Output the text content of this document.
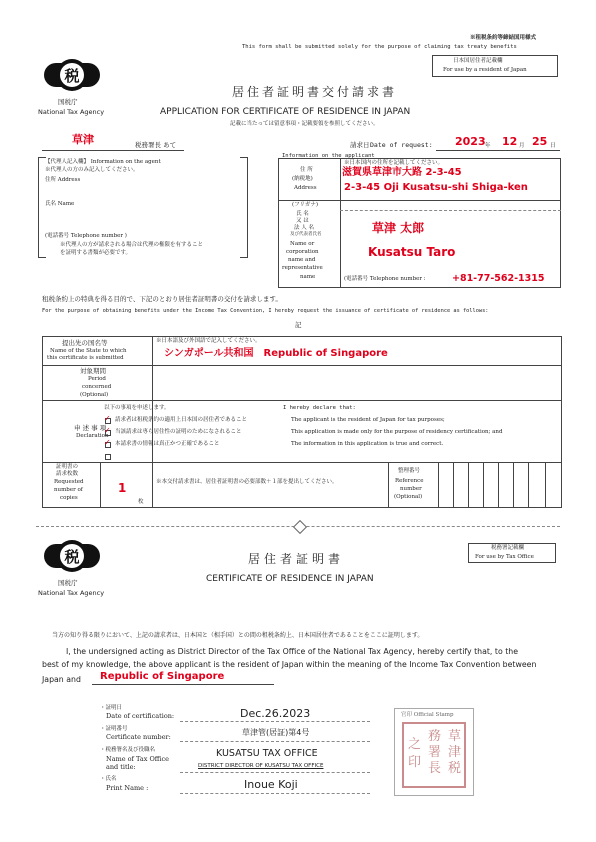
※租税条約等締結国用様式
This form shall be submitted solely for the purpose of claiming tax treaty benefits
日本国居住者記載欄
For use by a resident of Japan
税
国税庁
National Tax Agency
居住者証明書交付請求書
APPLICATION FOR CERTIFICATE OF RESIDENCE IN JAPAN
記載に当たっては留意事項・記載要領を参照してください。
草津	税務署長 あて	請求日 Date of request: 2023 年 12 月 25 日
Information on the applicant
【代理人記入欄】 Information on the agent
※代理人の方のみ記入してください。
住所 Address
氏名 Name
(電話番号 Telephone number )
※代理人の方が請求される場合は代理の権限を有すること
を証明する書類が必要です。
※日本国内の住所を記載してください。
住 所
(納税地)
Address
滋賀県草津市大路 2-3-45
2-3-45 Oji Kusatsu-shi Shiga-ken
(フリガナ)
氏 名
又 は
法 人 名
及び代表者氏名
Name or
corporation
name and
representative
name
草津 太郎
Kusatsu Taro
(電話番号 Telephone number :	+81-77-562-1315
租税条約上の特典を得る目的で、下記のとおり居住者証明書の交付を請求します。
For the purpose of obtaining benefits under the Income Tax Convention, I hereby request the issuance of certificate of residence as follows:
記
提出先の国名等
Name of the State to which
this certificate is submitted
※日本語及び外国語で記入してください。
シンガポール共和国　Republic of Singapore
対象期間
Period
concerned
(Optional)
申 述 事 項
Declaration
以下の事項を申述します。
✓ 請求者は租税条約の適用上日本国の居住者であること
✓ 当該請求は専ら居住性の証明のためになされること
✓ 本請求書の情報は真正かつ正確であること
I hereby declare that:
The applicant is the resident of Japan for tax purposes;
This application is made only for the purpose of residency certification; and
The information in this application is true and correct.
証明書の
請求枚数
Requested
number of
copies
1
枚
※本交付請求書は、居住者証明書の必要部数＋１部を提出してください。
整理番号
Reference
number
(Optional)
税
国税庁
National Tax Agency
税務署記載欄
For use by Tax Office
居住者証明書
CERTIFICATE OF RESIDENCE IN JAPAN
当方の知り得る限りにおいて、上記の請求者は、日本国と（相手国）との間の租税条約上、日本国居住者であることをここに証明します。
I, the undersigned acting as District Director of the Tax Office of the National Tax Agency, hereby certify that, to the
best of my knowledge, the above applicant is the resident of Japan within the meaning of the Income Tax Convention between
Japan and Republic of Singapore
・証明日
Date of certification:	Dec.26.2023
・証明番号
Certificate number:	草津管(居証)第4号
・税務署名及び役職名
Name of Tax Office
and title:
KUSATSU TAX OFFICE
DISTRICT DIRECTOR OF KUSATSU TAX OFFICE
・氏名
Print Name :	Inoue Koji
官印 Official Stamp
草
津
税
務
署
長
之
印
